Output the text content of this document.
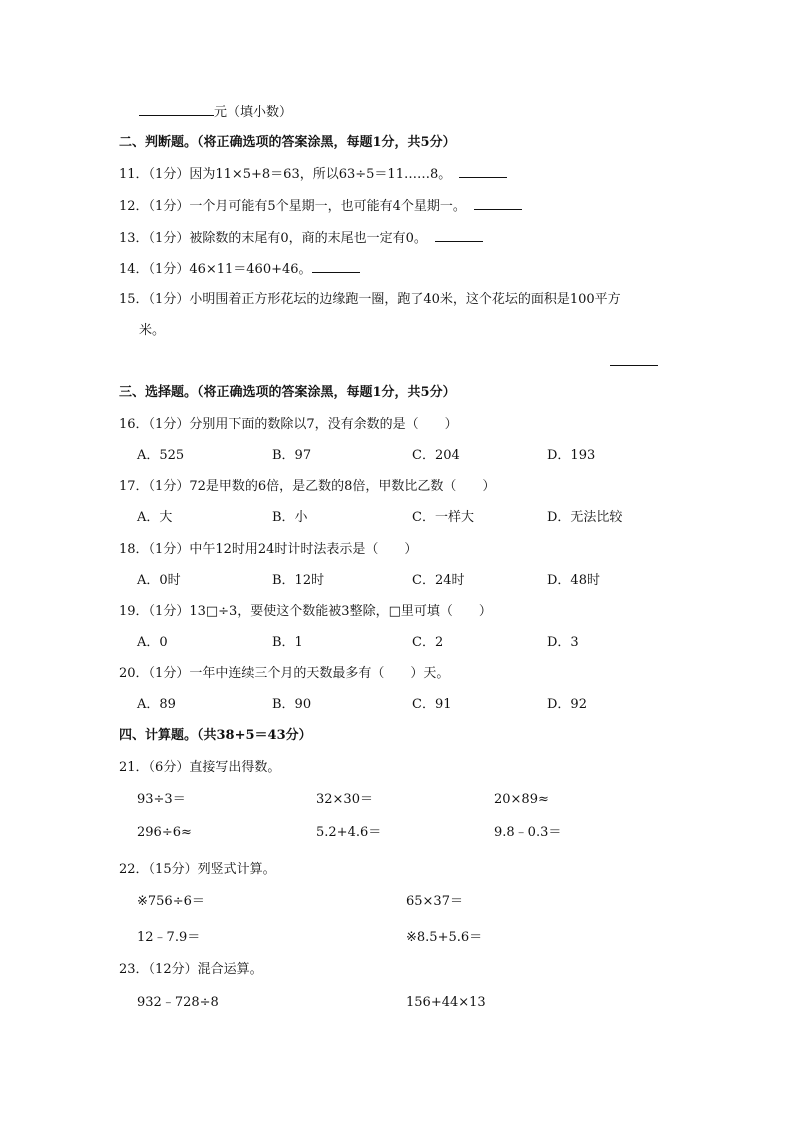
元（填小数）
二、判断题。（将正确选项的答案涂黑，每题1分，共5分）
11．（1分）因为11×5+8＝63，所以63÷5＝11……8。
12．（1分）一个月可能有5个星期一，也可能有4个星期一。
13．（1分）被除数的末尾有0，商的末尾也一定有0。
14．（1分）46×11＝460+46。
15．（1分）小明围着正方形花坛的边缘跑一圈，跑了40米，这个花坛的面积是100平方
米。
三、选择题。（将正确选项的答案涂黑，每题1分，共5分）
16．（1分）分别用下面的数除以7，没有余数的是（　　）
A．525	B．97	C．204	D．193
17．（1分）72是甲数的6倍，是乙数的8倍，甲数比乙数（　　）
A．大	B．小	C．一样大	D．无法比较
18．（1分）中午12时用24时计时法表示是（　　）
A．0时	B．12时	C．24时	D．48时
19．（1分）13□÷3，要使这个数能被3整除，□里可填（　　）
A．0	B．1	C．2	D．3
20．（1分）一年中连续三个月的天数最多有（　　）天。
A．89	B．90	C．91	D．92
四、计算题。（共38+5＝43分）
21．（6分）直接写出得数。
93÷3＝	32×30＝	20×89≈
296÷6≈	5.2+4.6＝	9.8﹣0.3＝
22．（15分）列竖式计算。
※756÷6＝	65×37＝
12﹣7.9＝	※8.5+5.6＝
23．（12分）混合运算。
932﹣728÷8	156+44×13
